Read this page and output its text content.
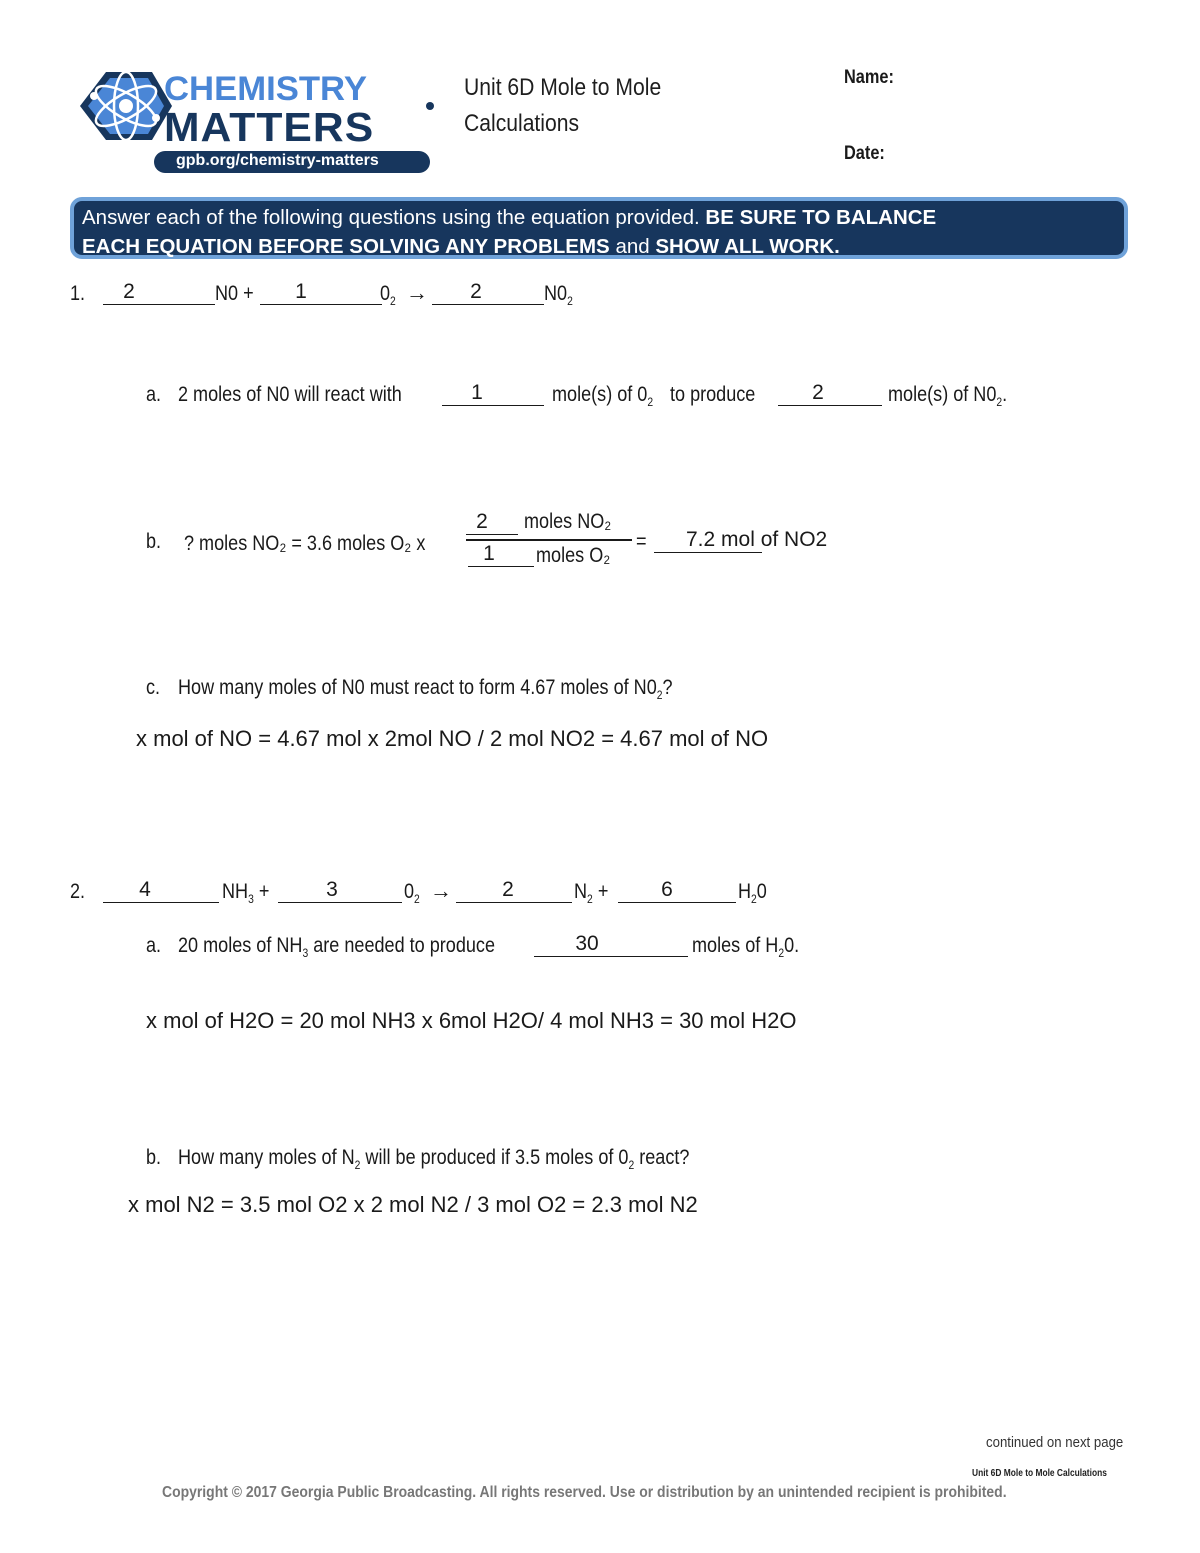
CHEMISTRY
MATTERS
gpb.org/chemistry-matters
Unit 6D Mole to Mole
Calculations
Name:
Date:
Answer each of the following questions using the equation provided. BE SURE TO BALANCE
EACH EQUATION BEFORE SOLVING ANY PROBLEMS and SHOW ALL WORK.
1.	2	N0 +	1	$0_2$ →	2	$N0_2$
a. 2 moles of N0 will react with	1	mole(s) of $0_2$ to produce	2	mole(s) of $N0_2$.
b. ? moles NO₂ = 3.6 moles O₂ x
2	moles NO₂
1	moles O₂
=	7.2 mol of NO2
c. How many moles of N0 must react to form 4.67 moles of $N0_2$?
x mol of NO = 4.67 mol x 2mol NO / 2 mol NO2 = 4.67 mol of NO
2.	4	$NH_3$ +	3	$0_2$ →	2	$N_2$ +	6	$H_20$
a. 20 moles of $NH_3$ are needed to produce	30	moles of $H_20$.
x mol of H2O = 20 mol NH3 x 6mol H2O/ 4 mol NH3 = 30 mol H2O
b. How many moles of $N_2$ will be produced if 3.5 moles of $0_2$ react?
x mol N2 = 3.5 mol O2 x 2 mol N2 / 3 mol O2 = 2.3 mol N2
continued on next page
Unit 6D Mole to Mole Calculations
Copyright © 2017 Georgia Public Broadcasting. All rights reserved. Use or distribution by an unintended recipient is prohibited.
